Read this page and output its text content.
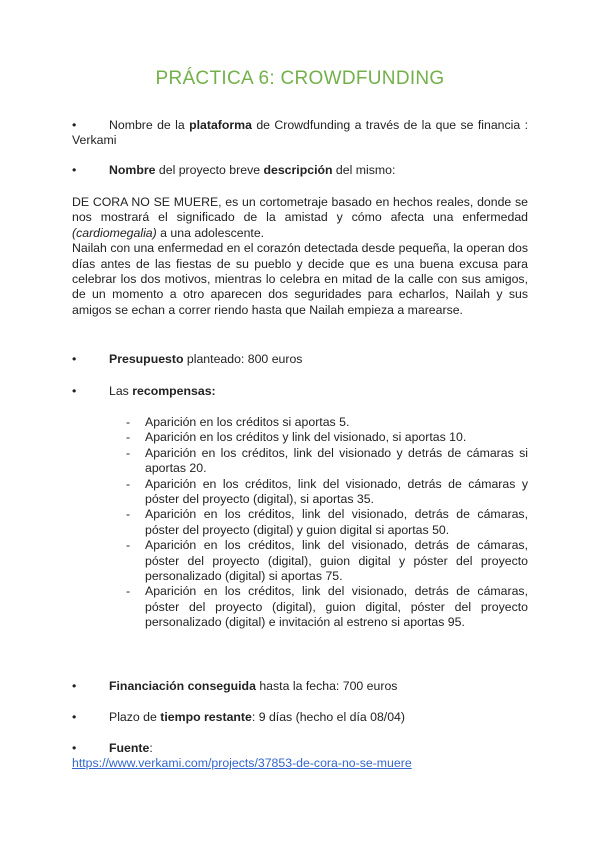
PRÁCTICA 6: CROWDFUNDING
•	Nombre de la plataforma de Crowdfunding a través de la que se financia : Verkami
•	Nombre del proyecto breve descripción del mismo:
DE CORA NO SE MUERE, es un cortometraje basado en hechos reales, donde se nos mostrará el significado de la amistad y cómo afecta una enfermedad (cardiomegalia) a una adolescente.
Nailah con una enfermedad en el corazón detectada desde pequeña, la operan dos días antes de las fiestas de su pueblo y decide que es una buena excusa para celebrar los dos motivos, mientras lo celebra en mitad de la calle con sus amigos, de un momento a otro aparecen dos seguridades para echarlos, Nailah y sus amigos se echan a correr riendo hasta que Nailah empieza a marearse.
•	Presupuesto planteado: 800 euros
•	Las recompensas:
- Aparición en los créditos si aportas 5.
- Aparición en los créditos y link del visionado, si aportas 10.
- Aparición en los créditos, link del visionado y detrás de cámaras si aportas 20.
- Aparición en los créditos, link del visionado, detrás de cámaras y póster del proyecto (digital), si aportas 35.
- Aparición en los créditos, link del visionado, detrás de cámaras, póster del proyecto (digital) y guion digital si aportas 50.
- Aparición en los créditos, link del visionado, detrás de cámaras, póster del proyecto (digital), guion digital y póster del proyecto personalizado (digital) si aportas 75.
- Aparición en los créditos, link del visionado, detrás de cámaras, póster del proyecto (digital), guion digital, póster del proyecto personalizado (digital) e invitación al estreno si aportas 95.
•	Financiación conseguida hasta la fecha: 700 euros
•	Plazo de tiempo restante: 9 días (hecho el día 08/04)
•	Fuente:
https://www.verkami.com/projects/37853-de-cora-no-se-muere
